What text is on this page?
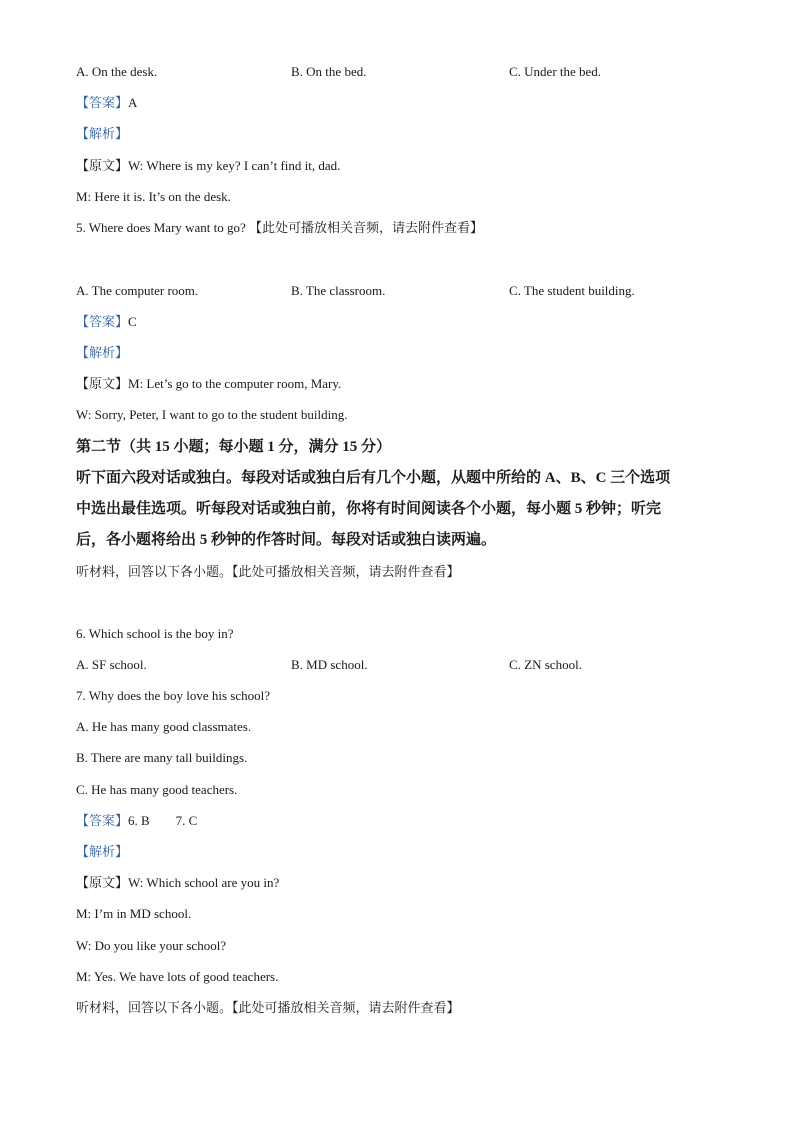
A. On the desk.	B. On the bed.	C. Under the bed.
【答案】A
【解析】
【原文】W: Where is my key? I can’t find it, dad.
M: Here it is. It’s on the desk.
5. Where does Mary want to go? 【此处可播放相关音频，请去附件查看】
A. The computer room.	B. The classroom.	C. The student building.
【答案】C
【解析】
【原文】M: Let’s go to the computer room, Mary.
W: Sorry, Peter, I want to go to the student building.
第二节（共 15 小题；每小题 1 分，满分 15 分）
听下面六段对话或独白。每段对话或独白后有几个小题，从题中所给的 A、B、C 三个选项
中选出最佳选项。听每段对话或独白前，你将有时间阅读各个小题，每小题 5 秒钟；听完
后，各小题将给出 5 秒钟的作答时间。每段对话或独白读两遍。
听材料，回答以下各小题。【此处可播放相关音频，请去附件查看】
6. Which school is the boy in?
A. SF school.	B. MD school.	C. ZN school.
7. Why does the boy love his school?
A. He has many good classmates.
B. There are many tall buildings.
C. He has many good teachers.
【答案】6. B        7. C
【解析】
【原文】W: Which school are you in?
M: I’m in MD school.
W: Do you like your school?
M: Yes. We have lots of good teachers.
听材料，回答以下各小题。【此处可播放相关音频，请去附件查看】
